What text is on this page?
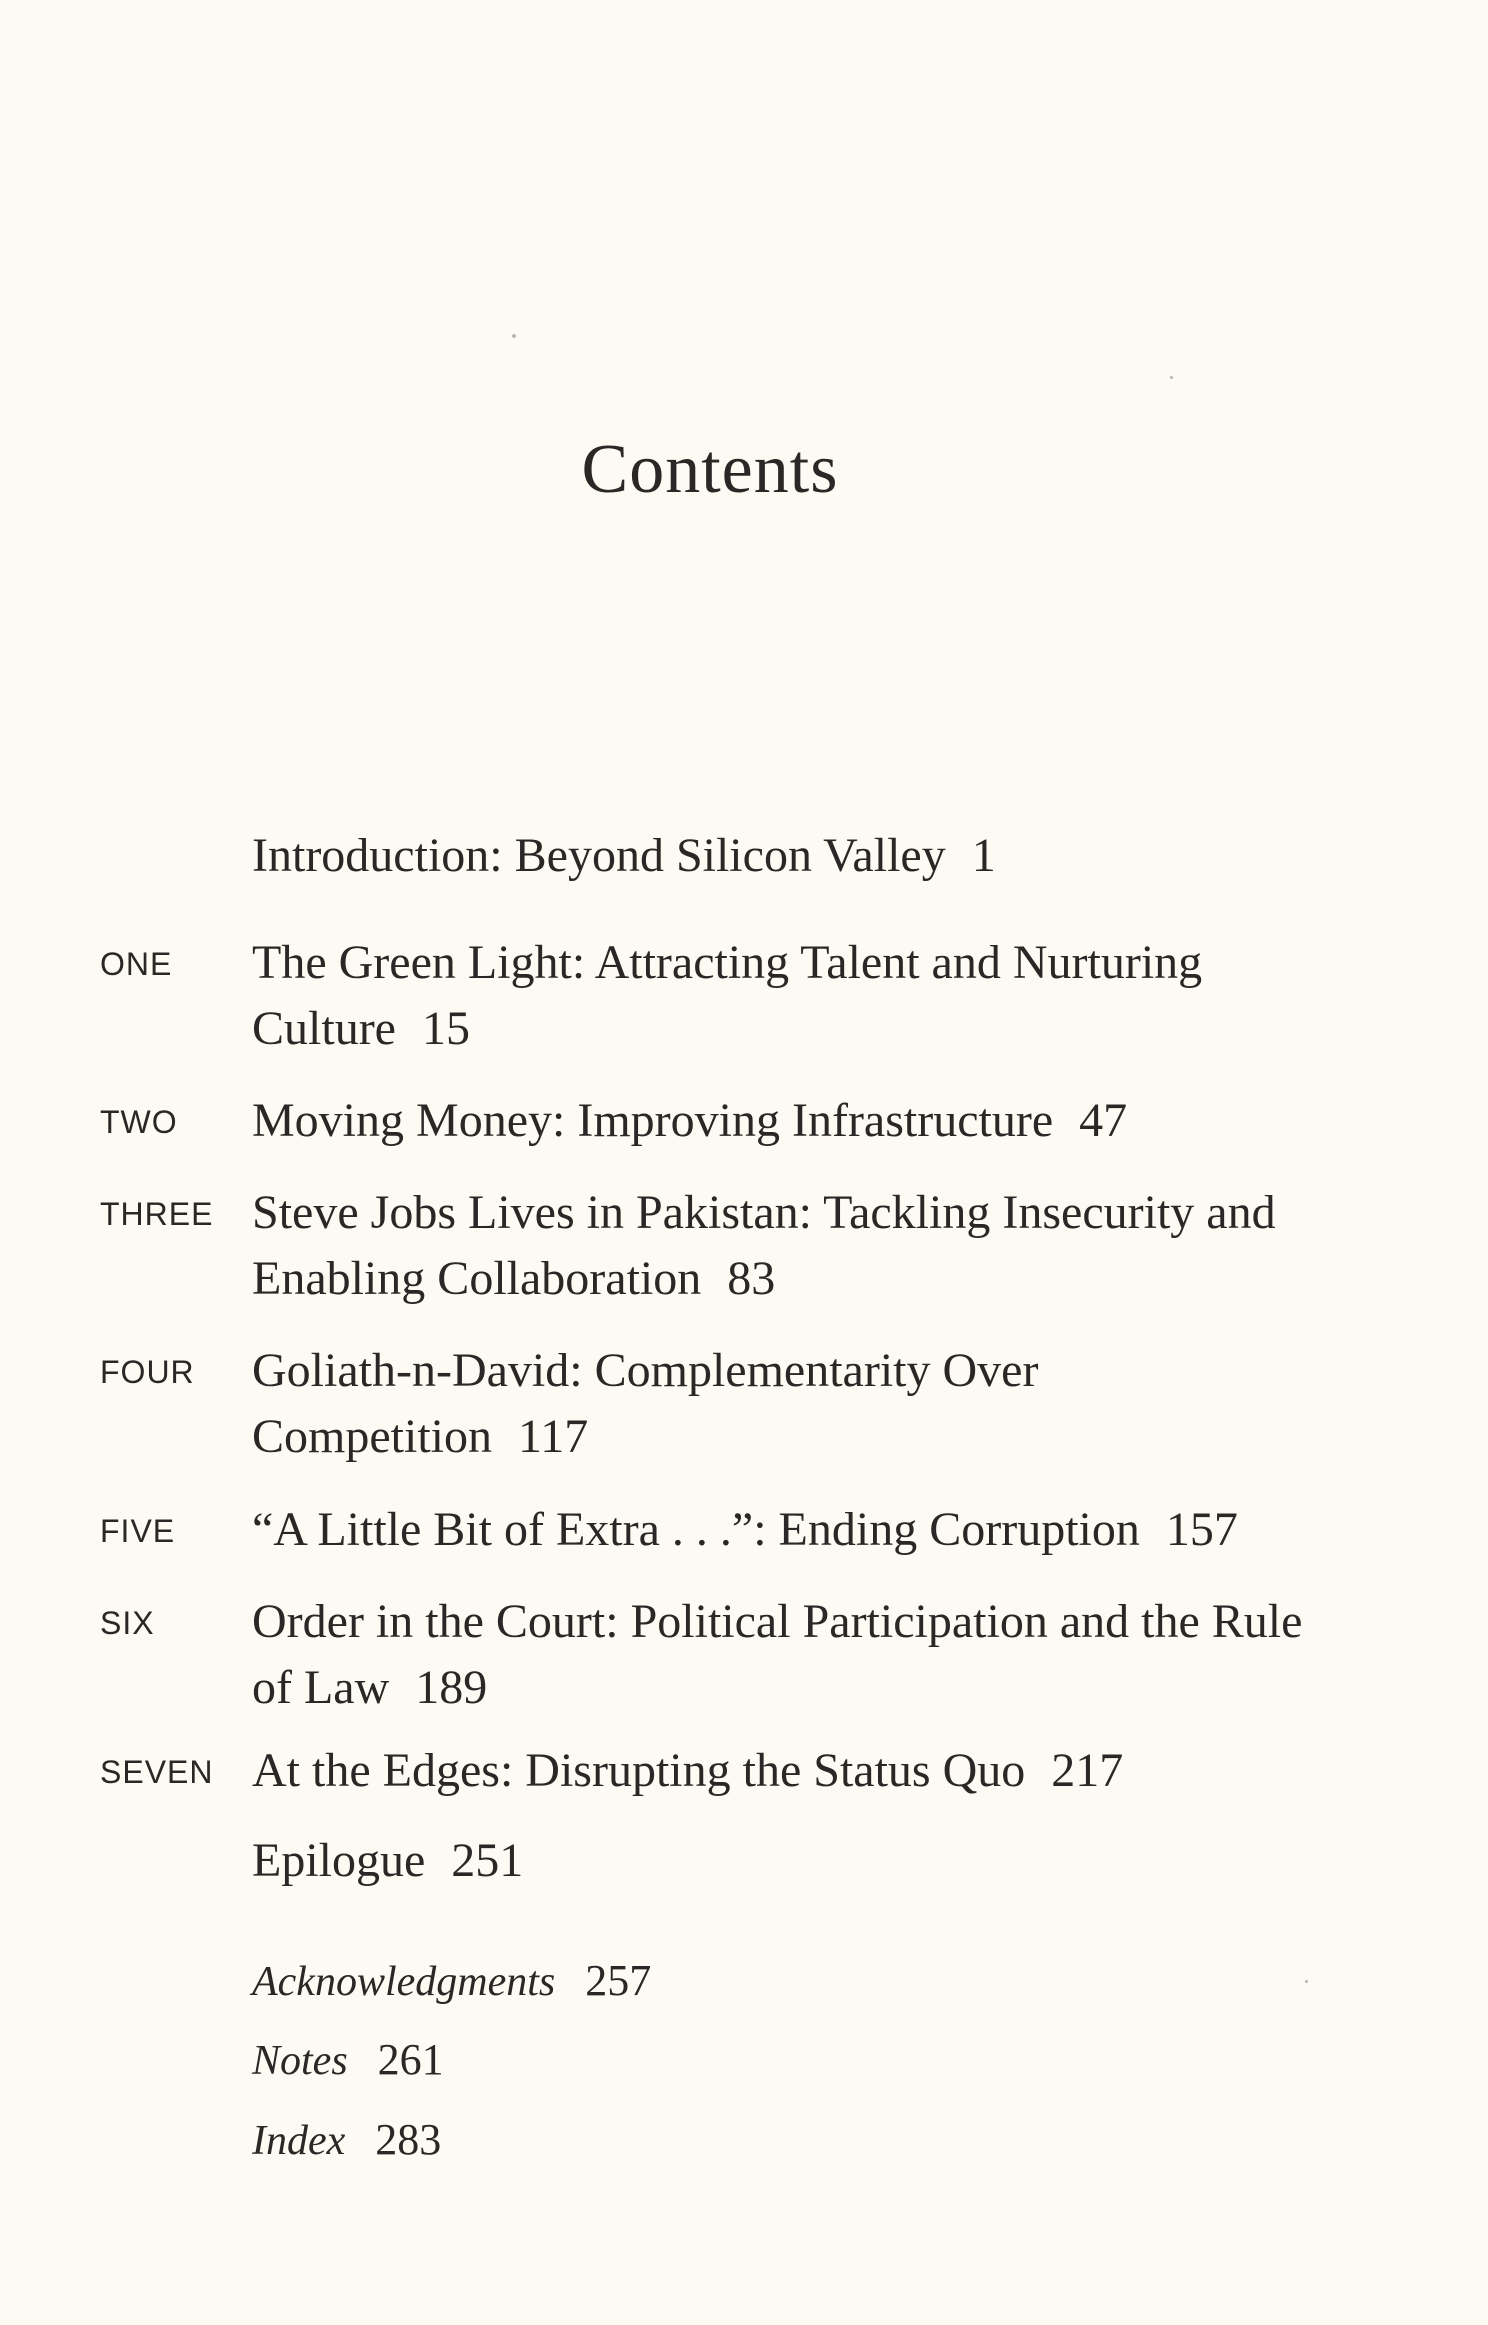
Contents
Introduction: Beyond Silicon Valley 1
ONE The Green Light: Attracting Talent and Nurturing Culture 15
TWO Moving Money: Improving Infrastructure 47
THREE Steve Jobs Lives in Pakistan: Tackling Insecurity and Enabling Collaboration 83
FOUR Goliath-n-David: Complementarity Over Competition 117
FIVE “A Little Bit of Extra . . .”: Ending Corruption 157
SIX Order in the Court: Political Participation and the Rule of Law 189
SEVEN At the Edges: Disrupting the Status Quo 217
Epilogue 251
Acknowledgments 257
Notes 261
Index 283
